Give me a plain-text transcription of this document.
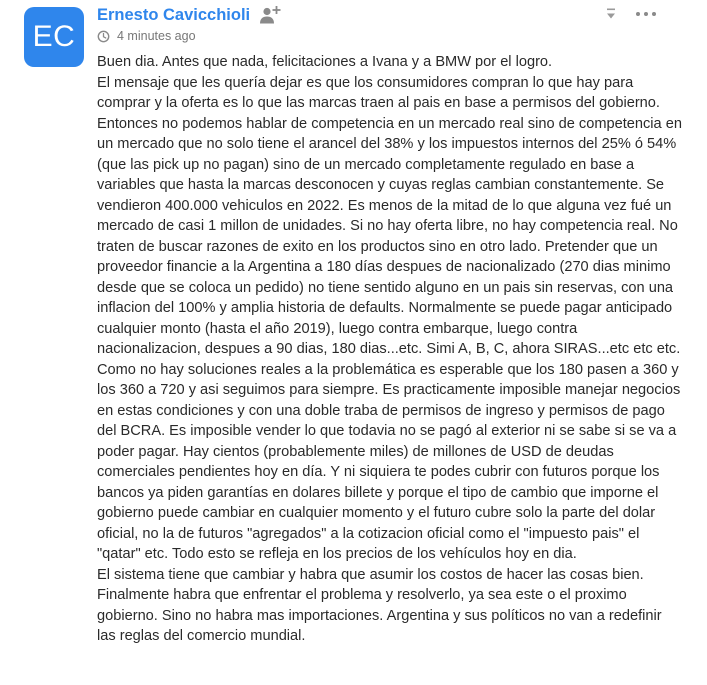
EC
Ernesto Cavicchioli
4 minutes ago

Buen dia. Antes que nada, felicitaciones a Ivana y a BMW por el logro.

El mensaje que les quería dejar es que los consumidores compran lo que hay para comprar y la oferta es lo que las marcas traen al pais en base a permisos del gobierno. Entonces no podemos hablar de competencia en un mercado real sino de competencia en un mercado que no solo tiene el arancel del 38% y los impuestos internos del 25% ó 54% (que las pick up no pagan) sino de un mercado completamente regulado en base a variables que hasta la marcas desconocen y cuyas reglas cambian constantemente. Se vendieron 400.000 vehiculos en 2022. Es menos de la mitad de lo que alguna vez fué un mercado de casi 1 millon de unidades. Si no hay oferta libre, no hay competencia real. No traten de buscar razones de exito en los productos sino en otro lado. Pretender que un proveedor financie a la Argentina a 180 días despues de nacionalizado (270 dias minimo desde que se coloca un pedido) no tiene sentido alguno en un pais sin reservas, con una inflacion del 100% y amplia historia de defaults. Normalmente se puede pagar anticipado cualquier monto (hasta el año 2019), luego contra embarque, luego contra nacionalizacion, despues a 90 dias, 180 dias...etc. Simi A, B, C, ahora SIRAS...etc etc etc. Como no hay soluciones reales a la problemática es esperable que los 180 pasen a 360 y los 360 a 720 y asi seguimos para siempre. Es practicamente imposible manejar negocios en estas condiciones y con una doble traba de permisos de ingreso y permisos de pago del BCRA. Es imposible vender lo que todavia no se pagó al exterior ni se sabe si se va a poder pagar. Hay cientos (probablemente miles) de millones de USD de deudas comerciales pendientes hoy en día. Y ni siquiera te podes cubrir con futuros porque los bancos ya piden garantías en dolares billete y porque el tipo de cambio que imporne el gobierno puede cambiar en cualquier momento y el futuro cubre solo la parte del dolar oficial, no la de futuros "agregados" a la cotizacion oficial como el "impuesto pais" el "qatar" etc. Todo esto se refleja en los precios de los vehículos hoy en dia.

El sistema tiene que cambiar y habra que asumir los costos de hacer las cosas bien. Finalmente habra que enfrentar el problema y resolverlo, ya sea este o el proximo gobierno. Sino no habra mas importaciones. Argentina y sus políticos no van a redefinir las reglas del comercio mundial.
